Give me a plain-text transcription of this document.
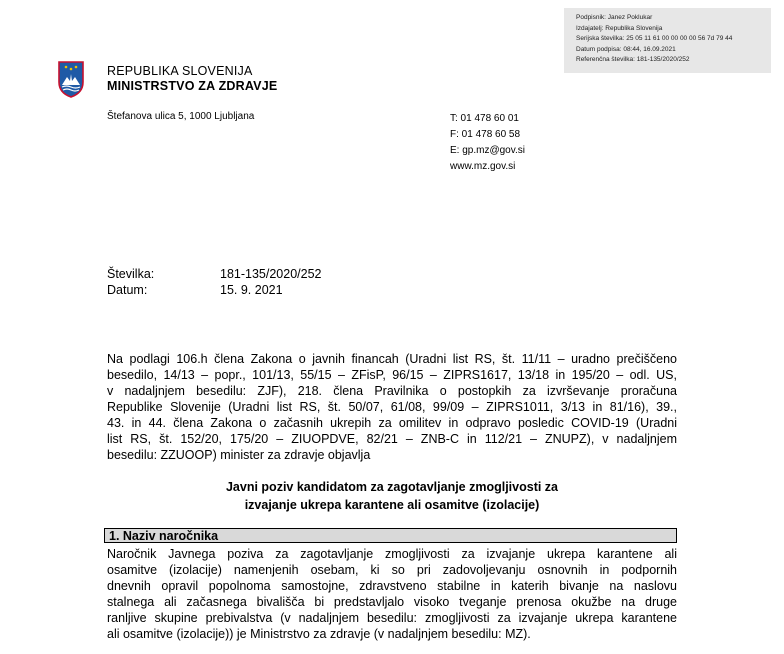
Podpisnik: Janez Poklukar
Izdajatelj: Republika Slovenija
Serijska številka: 25 05 11 61 00 00 00 00 56 7d 79 44
Datum podpisa: 08:44, 16.09.2021
Referenčna številka: 181-135/2020/252
REPUBLIKA SLOVENIJA
MINISTRSTVO ZA ZDRAVJE
Štefanova ulica 5, 1000 Ljubljana	T: 01 478 60 01
F: 01 478 60 58
E: gp.mz@gov.si
www.mz.gov.si
Številka:	181-135/2020/252
Datum:	15. 9. 2021
Na podlagi 106.h člena Zakona o javnih financah (Uradni list RS, št. 11/11 – uradno prečiščeno
besedilo, 14/13 – popr., 101/13, 55/15 – ZFisP, 96/15 – ZIPRS1617, 13/18 in 195/20 – odl. US,
v nadaljnjem besedilu: ZJF), 218. člena Pravilnika o postopkih za izvrševanje proračuna
Republike Slovenije (Uradni list RS, št. 50/07, 61/08, 99/09 – ZIPRS1011, 3/13 in 81/16), 39.,
43. in 44. člena Zakona o začasnih ukrepih za omilitev in odpravo posledic COVID-19 (Uradni
list RS, št. 152/20, 175/20 – ZIUOPDVE, 82/21 – ZNB-C in 112/21 – ZNUPZ), v nadaljnjem
besedilu: ZZUOOP) minister za zdravje objavlja
Javni poziv kandidatom za zagotavljanje zmogljivosti za
izvajanje ukrepa karantene ali osamitve (izolacije)
1. Naziv naročnika
Naročnik Javnega poziva za zagotavljanje zmogljivosti za izvajanje ukrepa karantene ali
osamitve (izolacije) namenjenih osebam, ki so pri zadovoljevanju osnovnih in podpornih
dnevnih opravil popolnoma samostojne, zdravstveno stabilne in katerih bivanje na naslovu
stalnega ali začasnega bivališča bi predstavljalo visoko tveganje prenosa okužbe na druge
ranljive skupine prebivalstva (v nadaljnjem besedilu: zmogljivosti za izvajanje ukrepa karantene
ali osamitve (izolacije)) je Ministrstvo za zdravje (v nadaljnjem besedilu: MZ).
